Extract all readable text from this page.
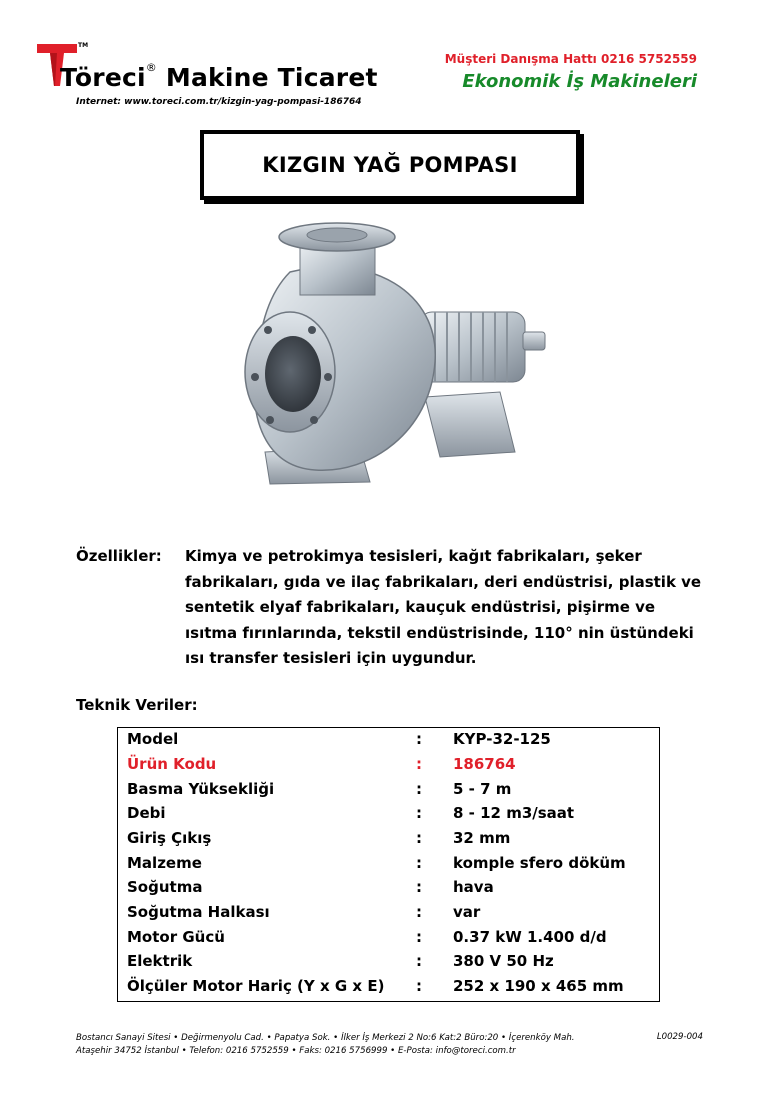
TM
Töreci® Makine Ticaret
Internet: www.toreci.com.tr/kizgin-yag-pompasi-186764
Müşteri Danışma Hattı 0216 5752559
Ekonomik İş Makineleri
KIZGIN YAĞ POMPASI
Özellikler: Kimya ve petrokimya tesisleri, kağıt fabrikaları, şeker fabrikaları, gıda ve ilaç fabrikaları, deri endüstrisi, plastik ve sentetik elyaf fabrikaları, kauçuk endüstrisi, pişirme ve ısıtma fırınlarında, tekstil endüstrisinde, 110° nin üstündeki ısı transfer tesisleri için uygundur.
Teknik Veriler:
Model	: KYP-32-125
Ürün Kodu	: 186764
Basma Yüksekliği	: 5 - 7 m
Debi	: 8 - 12 m3/saat
Giriş Çıkış	: 32 mm
Malzeme	: komple sfero döküm
Soğutma	: hava
Soğutma Halkası	: var
Motor Gücü	: 0.37 kW 1.400 d/d
Elektrik	: 380 V 50 Hz
Ölçüler Motor Hariç (Y x G x E) : 252 x 190 x 465 mm
Bostancı Sanayi Sitesi • Değirmenyolu Cad. • Papatya Sok. • İlker İş Merkezi 2 No:6 Kat:2 Büro:20 • İçerenköy Mah.
Ataşehir 34752 İstanbul • Telefon: 0216 5752559 • Faks: 0216 5756999 • E-Posta: info@toreci.com.tr
L0029-004
